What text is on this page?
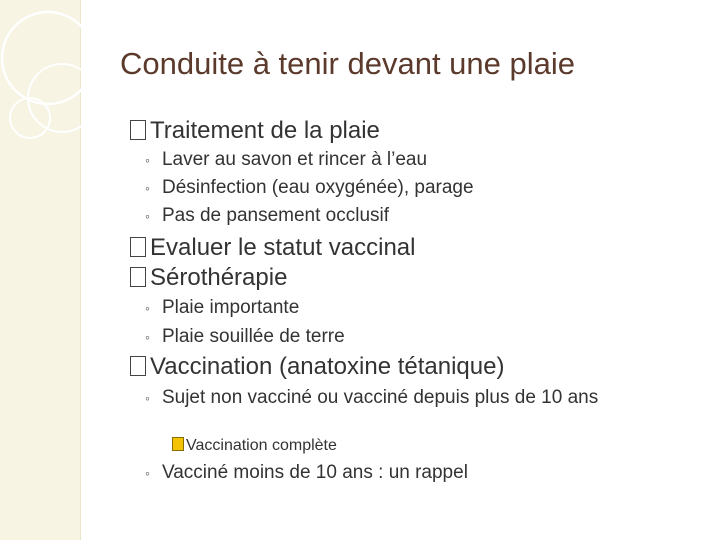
Conduite à tenir devant une plaie
Traitement de la plaie
◦ Laver au savon et rincer à l’eau
◦ Désinfection (eau oxygénée), parage
◦ Pas de pansement occlusif
Evaluer le statut vaccinal
Sérothérapie
◦ Plaie importante
◦ Plaie souillée de terre
Vaccination (anatoxine tétanique)
◦ Sujet non vacciné ou vacciné depuis plus de 10 ans
Vaccination complète
◦ Vacciné moins de 10 ans : un rappel
